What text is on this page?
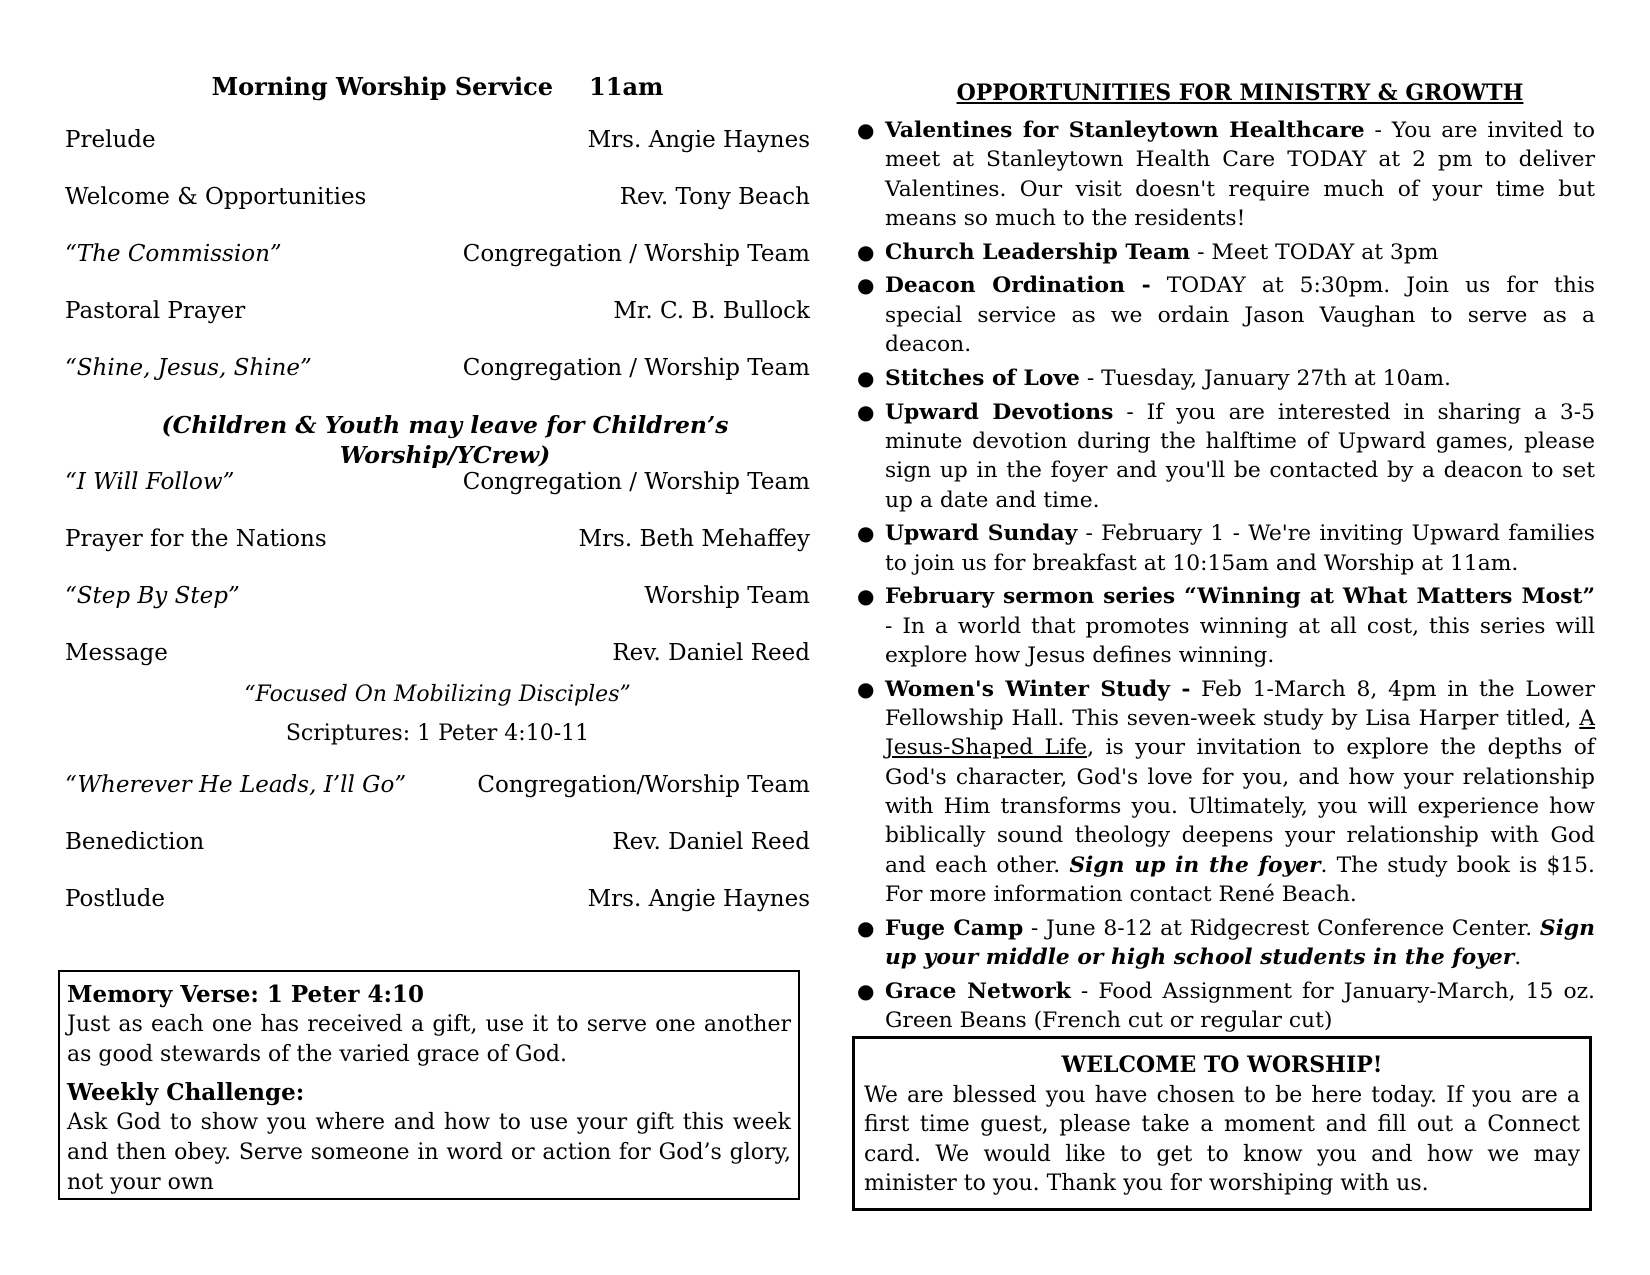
Morning Worship Service 11am
Prelude	Mrs. Angie Haynes
Welcome & Opportunities	Rev. Tony Beach
“The Commission”	Congregation / Worship Team
Pastoral Prayer	Mr. C. B. Bullock
“Shine, Jesus, Shine”	Congregation / Worship Team
(Children & Youth may leave for Children’s Worship/YCrew)
“I Will Follow”	Congregation / Worship Team
Prayer for the Nations	Mrs. Beth Mehaffey
“Step By Step”	Worship Team
Message	Rev. Daniel Reed
“Focused On Mobilizing Disciples”
Scriptures: 1 Peter 4:10-11
“Wherever He Leads, I’ll Go”	Congregation/Worship Team
Benediction	Rev. Daniel Reed
Postlude	Mrs. Angie Haynes
Memory Verse: 1 Peter 4:10
Just as each one has received a gift, use it to serve one another as good stewards of the varied grace of God.
Weekly Challenge:
Ask God to show you where and how to use your gift this week and then obey. Serve someone in word or action for God’s glory, not your own
OPPORTUNITIES FOR MINISTRY & GROWTH
● Valentines for Stanleytown Healthcare - You are invited to meet at Stanleytown Health Care TODAY at 2 pm to deliver Valentines. Our visit doesn't require much of your time but means so much to the residents!
● Church Leadership Team - Meet TODAY at 3pm
● Deacon Ordination - TODAY at 5:30pm. Join us for this special service as we ordain Jason Vaughan to serve as a deacon.
● Stitches of Love - Tuesday, January 27th at 10am.
● Upward Devotions - If you are interested in sharing a 3-5 minute devotion during the halftime of Upward games, please sign up in the foyer and you'll be contacted by a deacon to set up a date and time.
● Upward Sunday - February 1 - We're inviting Upward families to join us for breakfast at 10:15am and Worship at 11am.
● February sermon series “Winning at What Matters Most” - In a world that promotes winning at all cost, this series will explore how Jesus defines winning.
● Women's Winter Study - Feb 1-March 8, 4pm in the Lower Fellowship Hall. This seven-week study by Lisa Harper titled, A Jesus-Shaped Life, is your invitation to explore the depths of God's character, God's love for you, and how your relationship with Him transforms you. Ultimately, you will experience how biblically sound theology deepens your relationship with God and each other. Sign up in the foyer. The study book is $15. For more information contact René Beach.
● Fuge Camp - June 8-12 at Ridgecrest Conference Center. Sign up your middle or high school students in the foyer.
● Grace Network - Food Assignment for January-March, 15 oz. Green Beans (French cut or regular cut)
WELCOME TO WORSHIP!
We are blessed you have chosen to be here today. If you are a first time guest, please take a moment and fill out a Connect card. We would like to get to know you and how we may minister to you. Thank you for worshiping with us.
